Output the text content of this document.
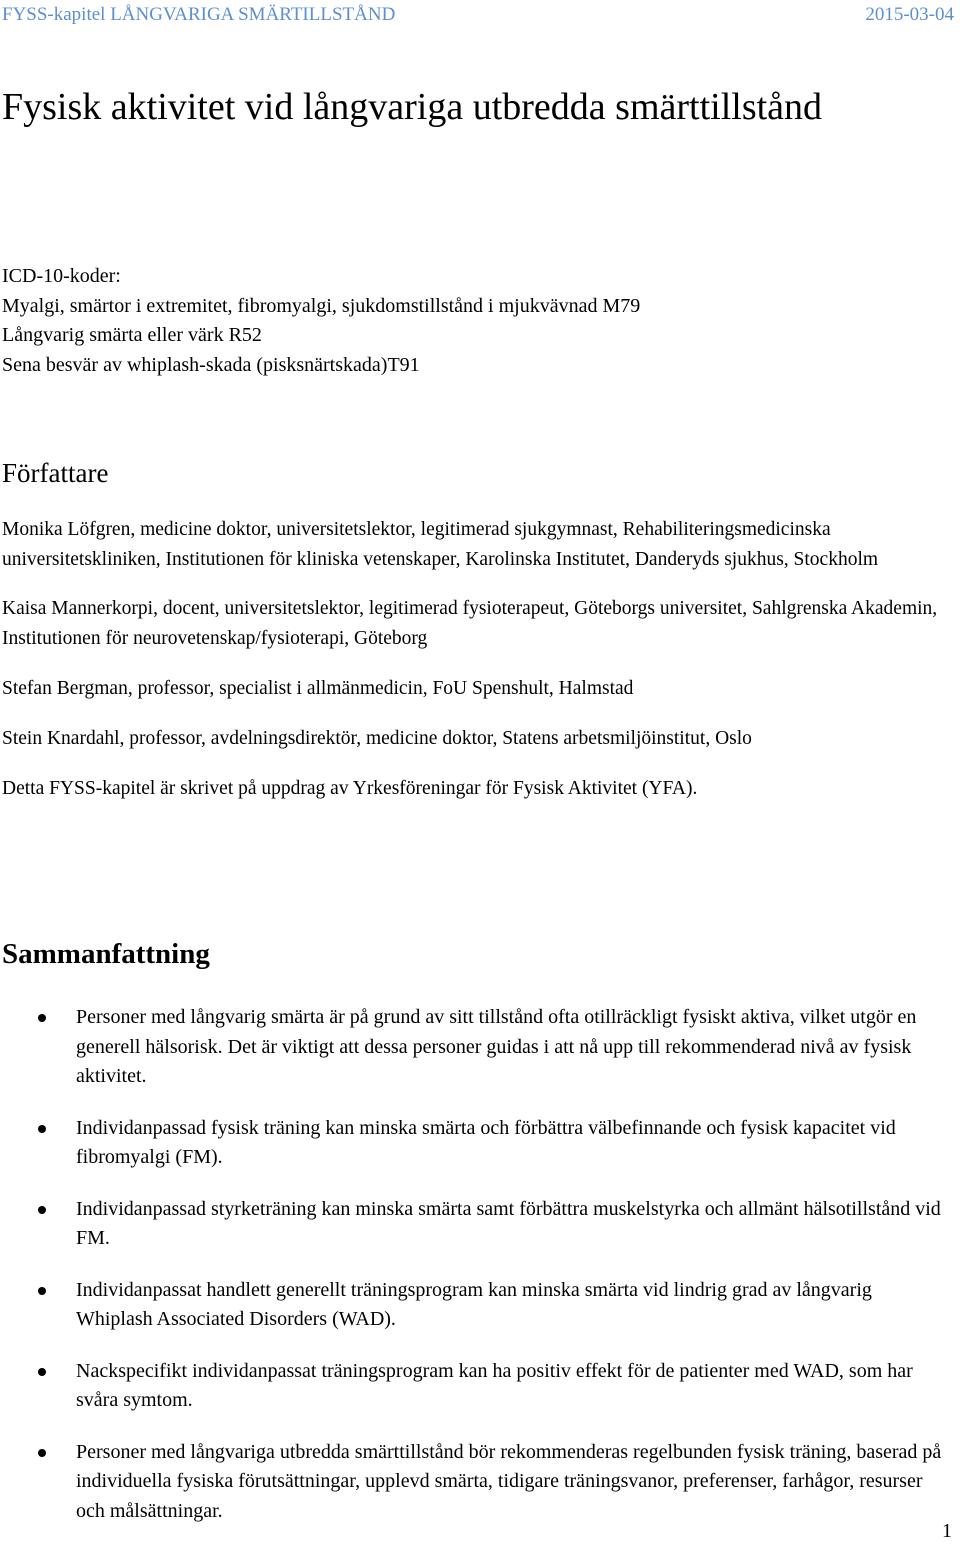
FYSS-kapitel LÅNGVARIGA SMÄRTILLSTÅND	2015-03-04
Fysisk aktivitet vid långvariga utbredda smärttillstånd
ICD-10-koder:
Myalgi, smärtor i extremitet, fibromyalgi, sjukdomstillstånd i mjukvävnad M79
Långvarig smärta eller värk R52
Sena besvär av whiplash-skada (pisksnärtskada)T91
Författare

Monika Löfgren, medicine doktor, universitetslektor, legitimerad sjukgymnast, Rehabiliteringsmedicinska universitetskliniken, Institutionen för kliniska vetenskaper, Karolinska Institutet, Danderyds sjukhus, Stockholm

Kaisa Mannerkorpi, docent, universitetslektor, legitimerad fysioterapeut, Göteborgs universitet, Sahlgrenska Akademin, Institutionen för neurovetenskap/fysioterapi, Göteborg

Stefan Bergman, professor, specialist i allmänmedicin, FoU Spenshult, Halmstad

Stein Knardahl, professor, avdelningsdirektör, medicine doktor, Statens arbetsmiljöinstitut, Oslo

Detta FYSS-kapitel är skrivet på uppdrag av Yrkesföreningar för Fysisk Aktivitet (YFA).

Sammanfattning
Personer med långvarig smärta är på grund av sitt tillstånd ofta otillräckligt fysiskt aktiva, vilket utgör en generell hälsorisk. Det är viktigt att dessa personer guidas i att nå upp till rekommenderad nivå av fysisk aktivitet.
Individanpassad fysisk träning kan minska smärta och förbättra välbefinnande och fysisk kapacitet vid fibromyalgi (FM).
Individanpassad styrketräning kan minska smärta samt förbättra muskelstyrka och allmänt hälsotillstånd vid FM.
Individanpassat handlett generellt träningsprogram kan minska smärta vid lindrig grad av långvarig Whiplash Associated Disorders (WAD).
Nackspecifikt individanpassat träningsprogram kan ha positiv effekt för de patienter med WAD, som har svåra symtom.
Personer med långvariga utbredda smärttillstånd bör rekommenderas regelbunden fysisk träning, baserad på individuella fysiska förutsättningar, upplevd smärta, tidigare träningsvanor, preferenser, farhågor, resurser och målsättningar.
1
